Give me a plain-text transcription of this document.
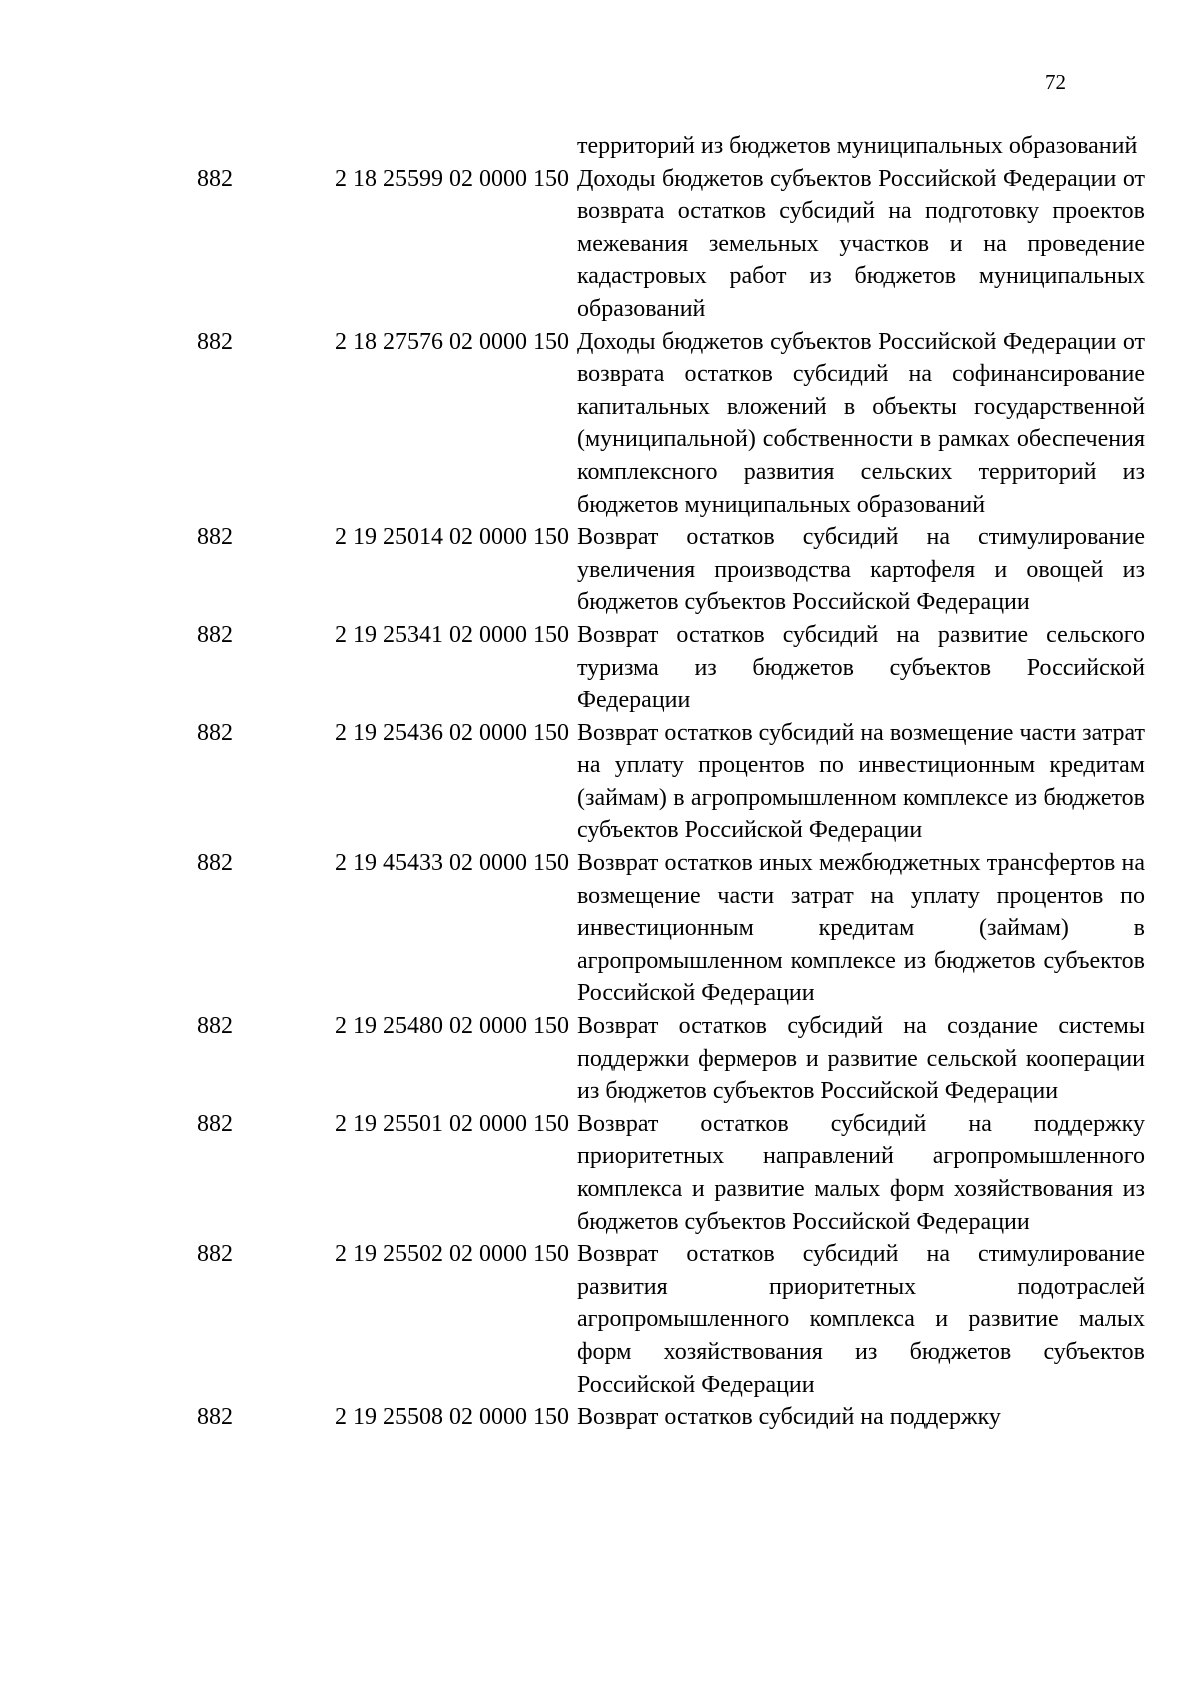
72
территорий из бюджетов муниципальных образований
882	2 18 25599 02 0000 150 Доходы бюджетов субъектов Российской Федерации от возврата остатков субсидий на подготовку проектов межевания земельных участков и на проведение кадастровых работ из бюджетов муниципальных образований
882	2 18 27576 02 0000 150 Доходы бюджетов субъектов Российской Федерации от возврата остатков субсидий на софинансирование капитальных вложений в объекты государственной (муниципальной) собственности в рамках обеспечения комплексного развития сельских территорий из бюджетов муниципальных образований
882	2 19 25014 02 0000 150 Возврат остатков субсидий на стимулирование увеличения производства картофеля и овощей из бюджетов субъектов Российской Федерации
882	2 19 25341 02 0000 150 Возврат остатков субсидий на развитие сельского туризма из бюджетов субъектов Российской Федерации
882	2 19 25436 02 0000 150 Возврат остатков субсидий на возмещение части затрат на уплату процентов по инвестиционным кредитам (займам) в агропромышленном комплексе из бюджетов субъектов Российской Федерации
882	2 19 45433 02 0000 150 Возврат остатков иных межбюджетных трансфертов на возмещение части затрат на уплату процентов по инвестиционным кредитам (займам) в агропромышленном комплексе из бюджетов субъектов Российской Федерации
882	2 19 25480 02 0000 150 Возврат остатков субсидий на создание системы поддержки фермеров и развитие сельской кооперации из бюджетов субъектов Российской Федерации
882	2 19 25501 02 0000 150 Возврат остатков субсидий на поддержку приоритетных направлений агропромышленного комплекса и развитие малых форм хозяйствования из бюджетов субъектов Российской Федерации
882	2 19 25502 02 0000 150 Возврат остатков субсидий на стимулирование развития приоритетных подотраслей агропромышленного комплекса и развитие малых форм хозяйствования из бюджетов субъектов Российской Федерации
882	2 19 25508 02 0000 150 Возврат остатков субсидий на поддержку
